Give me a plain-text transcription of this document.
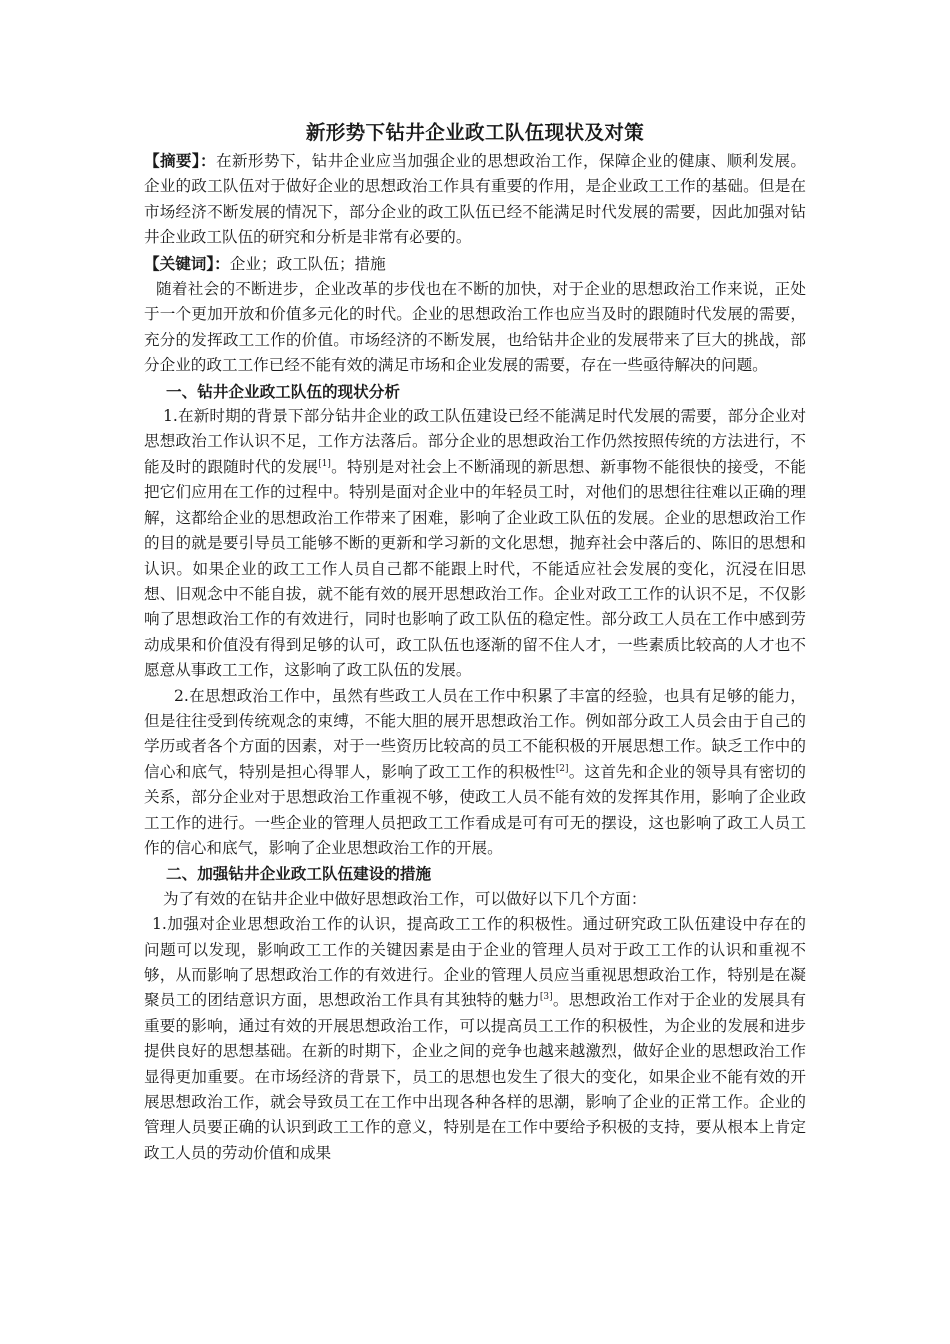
新形势下钻井企业政工队伍现状及对策

【摘要】：在新形势下，钻井企业应当加强企业的思想政治工作，保障企业的健康、顺利发展。企业的政工队伍对于做好企业的思想政治工作具有重要的作用，是企业政工工作的基础。但是在市场经济不断发展的情况下，部分企业的政工队伍已经不能满足时代发展的需要，因此加强对钻井企业政工队伍的研究和分析是非常有必要的。

【关键词】：企业；政工队伍；措施

随着社会的不断进步，企业改革的步伐也在不断的加快，对于企业的思想政治工作来说，正处于一个更加开放和价值多元化的时代。企业的思想政治工作也应当及时的跟随时代发展的需要，充分的发挥政工工作的价值。市场经济的不断发展，也给钻井企业的发展带来了巨大的挑战，部分企业的政工工作已经不能有效的满足市场和企业发展的需要，存在一些亟待解决的问题。

一、钻井企业政工队伍的现状分析

1.在新时期的背景下部分钻井企业的政工队伍建设已经不能满足时代发展的需要，部分企业对思想政治工作认识不足，工作方法落后。部分企业的思想政治工作仍然按照传统的方法进行，不能及时的跟随时代的发展[1]。特别是对社会上不断涌现的新思想、新事物不能很快的接受，不能把它们应用在工作的过程中。特别是面对企业中的年轻员工时，对他们的思想往往难以正确的理解，这都给企业的思想政治工作带来了困难，影响了企业政工队伍的发展。企业的思想政治工作的目的就是要引导员工能够不断的更新和学习新的文化思想，抛弃社会中落后的、陈旧的思想和认识。如果企业的政工工作人员自己都不能跟上时代，不能适应社会发展的变化，沉浸在旧思想、旧观念中不能自拔，就不能有效的展开思想政治工作。企业对政工工作的认识不足，不仅影响了思想政治工作的有效进行，同时也影响了政工队伍的稳定性。部分政工人员在工作中感到劳动成果和价值没有得到足够的认可，政工队伍也逐渐的留不住人才，一些素质比较高的人才也不愿意从事政工工作，这影响了政工队伍的发展。

2.在思想政治工作中，虽然有些政工人员在工作中积累了丰富的经验，也具有足够的能力，但是往往受到传统观念的束缚，不能大胆的展开思想政治工作。例如部分政工人员会由于自己的学历或者各个方面的因素，对于一些资历比较高的员工不能积极的开展思想工作。缺乏工作中的信心和底气，特别是担心得罪人，影响了政工工作的积极性[2]。这首先和企业的领导具有密切的关系，部分企业对于思想政治工作重视不够，使政工人员不能有效的发挥其作用，影响了企业政工工作的进行。一些企业的管理人员把政工工作看成是可有可无的摆设，这也影响了政工人员工作的信心和底气，影响了企业思想政治工作的开展。

二、加强钻井企业政工队伍建设的措施

为了有效的在钻井企业中做好思想政治工作，可以做好以下几个方面：

1.加强对企业思想政治工作的认识，提高政工工作的积极性。通过研究政工队伍建设中存在的问题可以发现，影响政工工作的关键因素是由于企业的管理人员对于政工工作的认识和重视不够，从而影响了思想政治工作的有效进行。企业的管理人员应当重视思想政治工作，特别是在凝聚员工的团结意识方面，思想政治工作具有其独特的魅力[3]。思想政治工作对于企业的发展具有重要的影响，通过有效的开展思想政治工作，可以提高员工工作的积极性，为企业的发展和进步提供良好的思想基础。在新的时期下，企业之间的竞争也越来越激烈，做好企业的思想政治工作显得更加重要。在市场经济的背景下，员工的思想也发生了很大的变化，如果企业不能有效的开展思想政治工作，就会导致员工在工作中出现各种各样的思潮，影响了企业的正常工作。企业的管理人员要正确的认识到政工工作的意义，特别是在工作中要给予积极的支持，要从根本上肯定政工人员的劳动价值和成果
